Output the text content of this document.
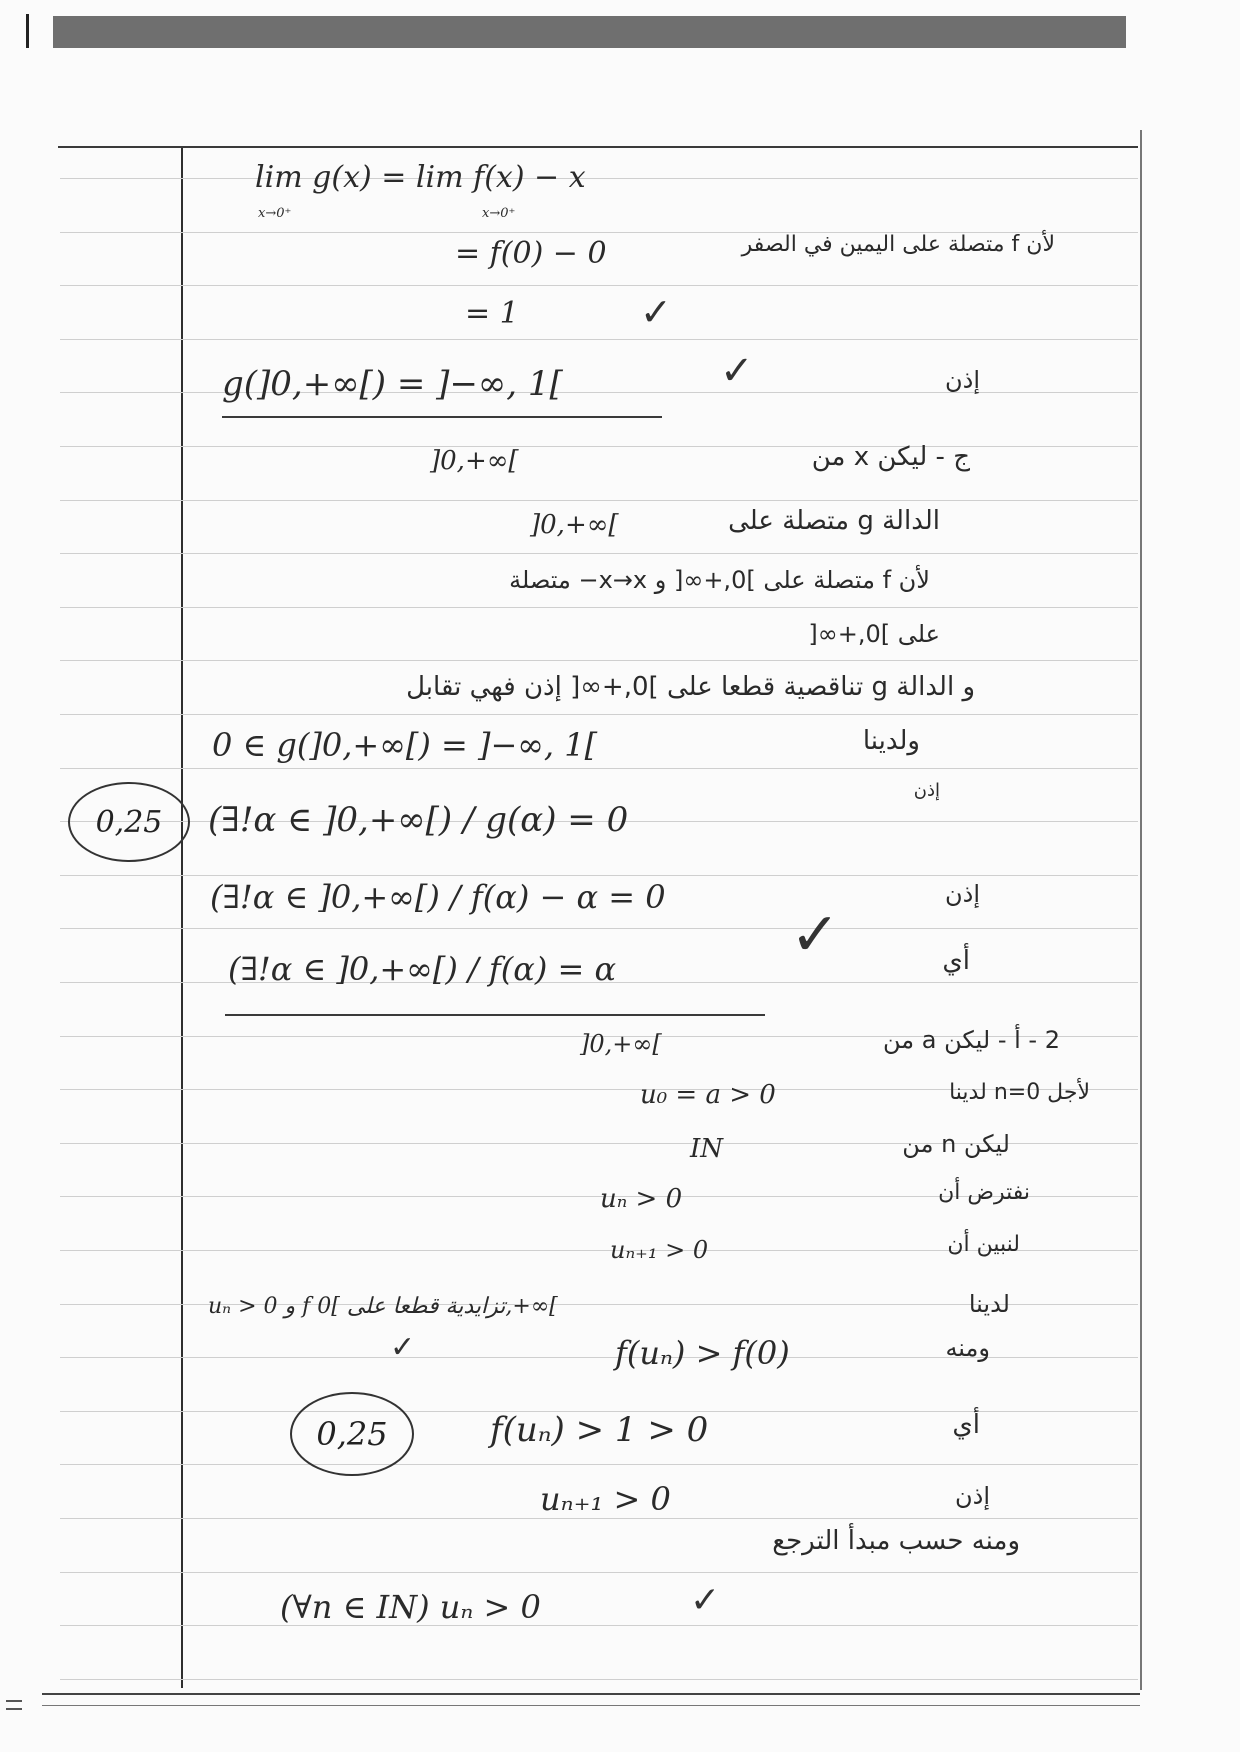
lim g(x) = lim f(x) − x
x→0⁺	x→0⁺
= f(0) − 0	لأن f متصلة على اليمين في الصفر
= 1	✓
g(]0,+∞[) = ]−∞, 1[	✓	إذن
]0,+∞[	ج - ليكن x من
]0,+∞[	الدالة g متصلة على
لأن f متصلة على ]0,+∞[ و x→x− متصلة
على ]0,+∞[
و الدالة g تناقصية قطعا على ]0,+∞[ إذن فهي تقابل
0 ∈ g(]0,+∞[) = ]−∞, 1[	ولدينا
إذن
0,25	(∃!α ∈ ]0,+∞[) / g(α) = 0
(∃!α ∈ ]0,+∞[) / f(α) − α = 0	إذن
✓
(∃!α ∈ ]0,+∞[) / f(α) = α	أي
]0,+∞[	2 - أ - ليكن a من
u₀ = a > 0	لأجل n=0 لدينا
IN	ليكن n من
uₙ > 0	نفترض أن
uₙ₊₁ > 0	لنبين أن
uₙ > 0 و f تزايدية قطعا على ]0,+∞[	لدينا
✓	f(uₙ) > f(0)	ومنه
0,25	f(uₙ) > 1 > 0	أي
uₙ₊₁ > 0	إذن
ومنه حسب مبدأ الترجع
(∀n ∈ IN) uₙ > 0	✓
